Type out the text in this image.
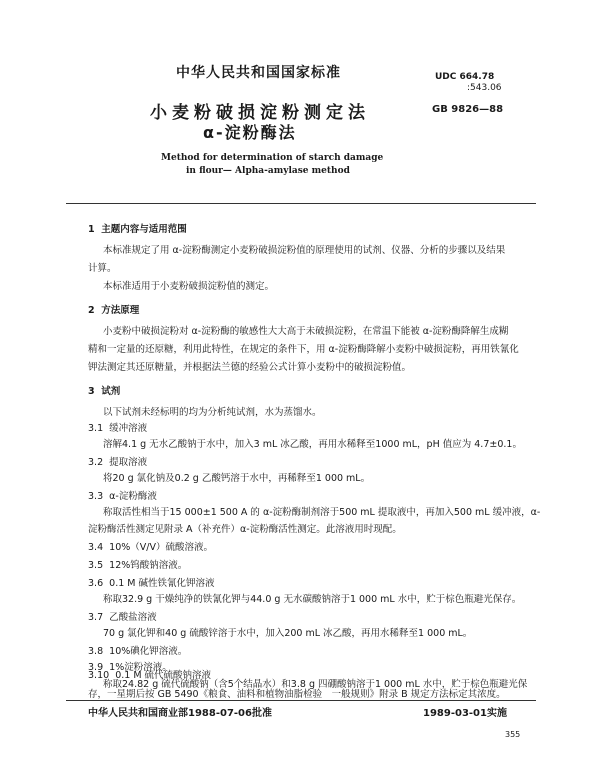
中华人民共和国国家标准	UDC 664.78
:543.06
GB 9826—88
小麦粉破损淀粉测定法
α-淀粉酶法
Method for determination of starch damage
in flour— Alpha-amylase method
1 主题内容与适用范围
本标准规定了用 α-淀粉酶测定小麦粉破损淀粉值的原理使用的试剂、仪器、分析的步骤以及结果
计算。
本标准适用于小麦粉破损淀粉值的测定。
2 方法原理
小麦粉中破损淀粉对 α-淀粉酶的敏感性大大高于未破损淀粉，在常温下能被 α-淀粉酶降解生成糊
精和一定量的还原糖，利用此特性，在规定的条件下，用 α-淀粉酶降解小麦粉中破损淀粉，再用铁氰化
钾法测定其还原糖量，并根据法兰德的经验公式计算小麦粉中的破损淀粉值。
3 试剂
以下试剂未经标明的均为分析纯试剂，水为蒸馏水。
3.1 缓冲溶液
溶解4.1 g 无水乙酸钠于水中，加入3 mL 冰乙酸，再用水稀释至1000 mL，pH 值应为 4.7±0.1。
3.2 提取溶液
将20 g 氯化钠及0.2 g 乙酸钙溶于水中，再稀释至1 000 mL。
3.3 α-淀粉酶液
称取活性相当于15 000±1 500 A 的 α-淀粉酶制剂溶于500 mL 提取液中，再加入500 mL 缓冲液，α-
淀粉酶活性测定见附录 A（补充件）α-淀粉酶活性测定。此溶液用时现配。
3.4 10%（V/V）硫酸溶液。
3.5 12%钨酸钠溶液。
3.6 0.1 M 碱性铁氰化钾溶液
称取32.9 g 干燥纯净的铁氰化钾与44.0 g 无水碳酸钠溶于1 000 mL 水中，贮于棕色瓶避光保存。
3.7 乙酸盐溶液
70 g 氯化钾和40 g 硫酸锌溶于水中，加入200 mL 冰乙酸，再用水稀释至1 000 mL。
3.8 10%碘化钾溶液。
3.9 1%淀粉溶液。
3.10 0.1 M 硫代硫酸钠溶液
称取24.82 g 硫代硫酸钠（含5个结晶水）和3.8 g 四硼酸钠溶于1 000 mL 水中，贮于棕色瓶避光保
存，一星期后按 GB 5490《粮食、油料和植物油脂检验　一般规则》附录 B 规定方法标定其浓度。
中华人民共和国商业部1988-07-06批准	1989-03-01实施
355
